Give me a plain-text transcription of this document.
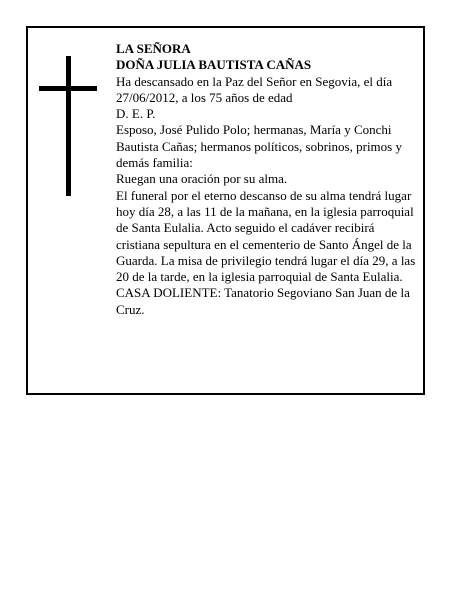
LA SEÑORA

DOÑA JULIA BAUTISTA CAÑAS

Ha descansado en la Paz del Señor en Segovia, el día 27/06/2012, a los 75 años de edad

D. E. P.

Esposo, José Pulido Polo; hermanas, María y Conchi Bautista Cañas; hermanos políticos, sobrinos, primos y demás familia:

Ruegan una oración por su alma.

El funeral por el eterno descanso de su alma tendrá lugar hoy día 28, a las 11 de la mañana, en la iglesia parroquial de Santa Eulalia. Acto seguido el cadáver recibirá cristiana sepultura en el cementerio de Santo Ángel de la Guarda. La misa de privilegio tendrá lugar el día 29, a las 20 de la tarde, en la iglesia parroquial de Santa Eulalia.

CASA DOLIENTE: Tanatorio Segoviano San Juan de la Cruz.
